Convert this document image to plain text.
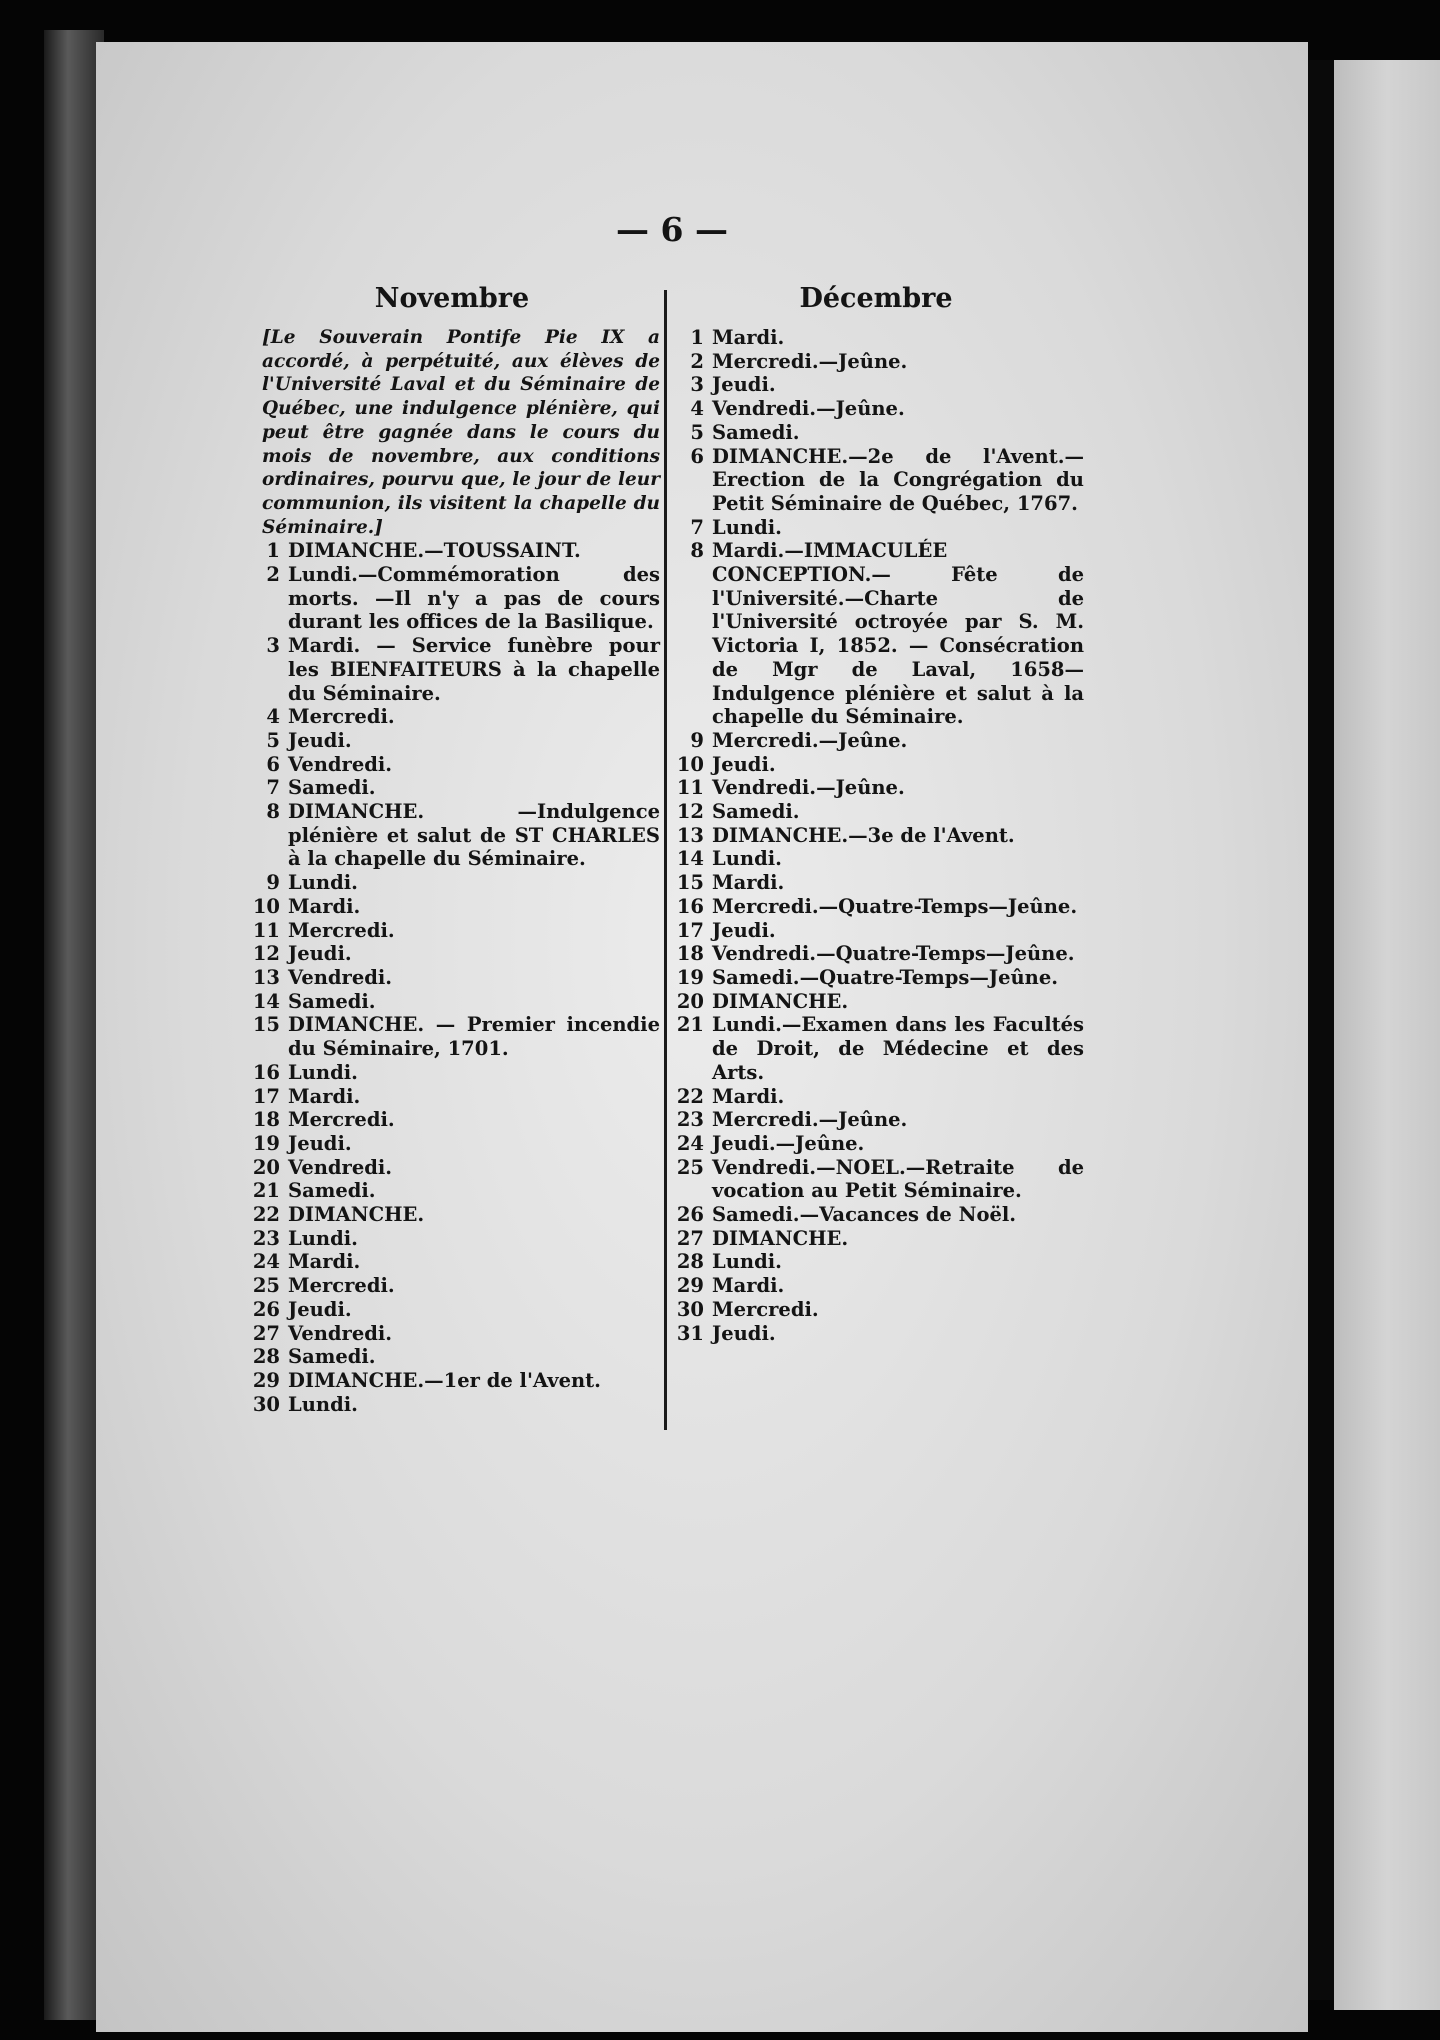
— 6 —
Novembre

[Le Souverain Pontife Pie IX a accordé, à perpétuité, aux élèves de l'Université Laval et du Séminaire de Québec, une indulgence plénière, qui peut être gagnée dans le cours du mois de novembre, aux conditions ordinaires, pourvu que, le jour de leur communion, ils visitent la chapelle du Séminaire.]

1 DIMANCHE.—TOUSSAINT.
2 Lundi.—Commémoration des morts. —Il n'y a pas de cours durant les offices de la Basilique.
3 Mardi. — Service funèbre pour les BIENFAITEURS à la chapelle du Séminaire.
4 Mercredi.
5 Jeudi.
6 Vendredi.
7 Samedi.
8 DIMANCHE. —Indulgence plénière et salut de ST CHARLES à la chapelle du Séminaire.
9 Lundi.
10 Mardi.
11 Mercredi.
12 Jeudi.
13 Vendredi.
14 Samedi.
15 DIMANCHE. — Premier incendie du Séminaire, 1701.
16 Lundi.
17 Mardi.
18 Mercredi.
19 Jeudi.
20 Vendredi.
21 Samedi.
22 DIMANCHE.
23 Lundi.
24 Mardi.
25 Mercredi.
26 Jeudi.
27 Vendredi.
28 Samedi.
29 DIMANCHE.—1er de l'Avent.
30 Lundi.
Décembre
1 Mardi.
2 Mercredi.—Jeûne.
3 Jeudi.
4 Vendredi.—Jeûne.
5 Samedi.
6 DIMANCHE.—2e de l'Avent.— Erection de la Congrégation du Petit Séminaire de Québec, 1767.
7 Lundi.
8 Mardi.—IMMACULÉE CONCEPTION.— Fête de l'Université.—Charte de l'Université octroyée par S. M. Victoria I, 1852. — Consécration de Mgr de Laval, 1658—Indulgence plénière et salut à la chapelle du Séminaire.
9 Mercredi.—Jeûne.
10 Jeudi.
11 Vendredi.—Jeûne.
12 Samedi.
13 DIMANCHE.—3e de l'Avent.
14 Lundi.
15 Mardi.
16 Mercredi.—Quatre-Temps—Jeûne.
17 Jeudi.
18 Vendredi.—Quatre-Temps—Jeûne.
19 Samedi.—Quatre-Temps—Jeûne.
20 DIMANCHE.
21 Lundi.—Examen dans les Facultés de Droit, de Médecine et des Arts.
22 Mardi.
23 Mercredi.—Jeûne.
24 Jeudi.—Jeûne.
25 Vendredi.—NOEL.—Retraite de vocation au Petit Séminaire.
26 Samedi.—Vacances de Noël.
27 DIMANCHE.
28 Lundi.
29 Mardi.
30 Mercredi.
31 Jeudi.
